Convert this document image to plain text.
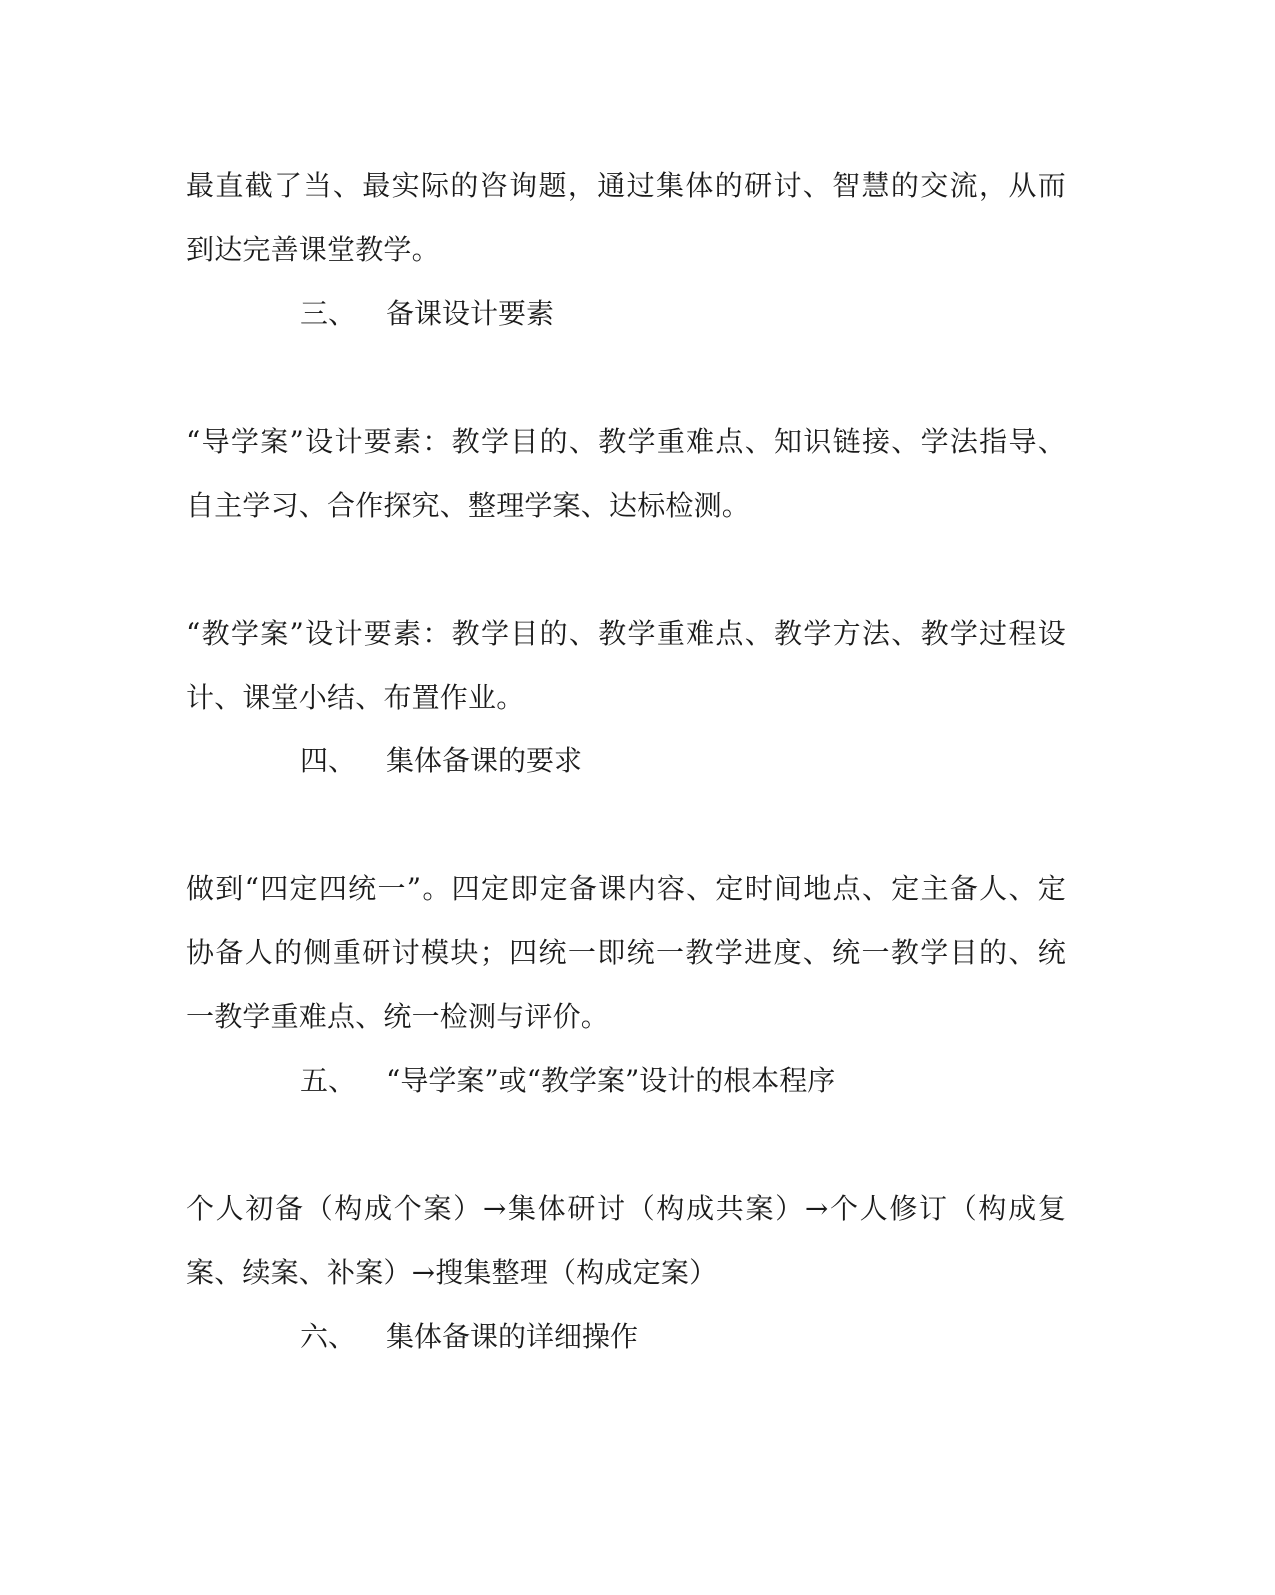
最直截了当、最实际的咨询题，通过集体的研讨、智慧的交流，从而

到达完善课堂教学。

三、 备课设计要素

“导学案”设计要素：教学目的、教学重难点、知识链接、学法指导、

自主学习、合作探究、整理学案、达标检测。

“教学案”设计要素：教学目的、教学重难点、教学方法、教学过程设

计、课堂小结、布置作业。

四、 集体备课的要求

做到“四定四统一”。四定即定备课内容、定时间地点、定主备人、定

协备人的侧重研讨模块；四统一即统一教学进度、统一教学目的、统

一教学重难点、统一检测与评价。

五、 “导学案”或“教学案”设计的根本程序

个人初备（构成个案）→集体研讨（构成共案）→个人修订（构成复

案、续案、补案）→搜集整理（构成定案）

六、 集体备课的详细操作
